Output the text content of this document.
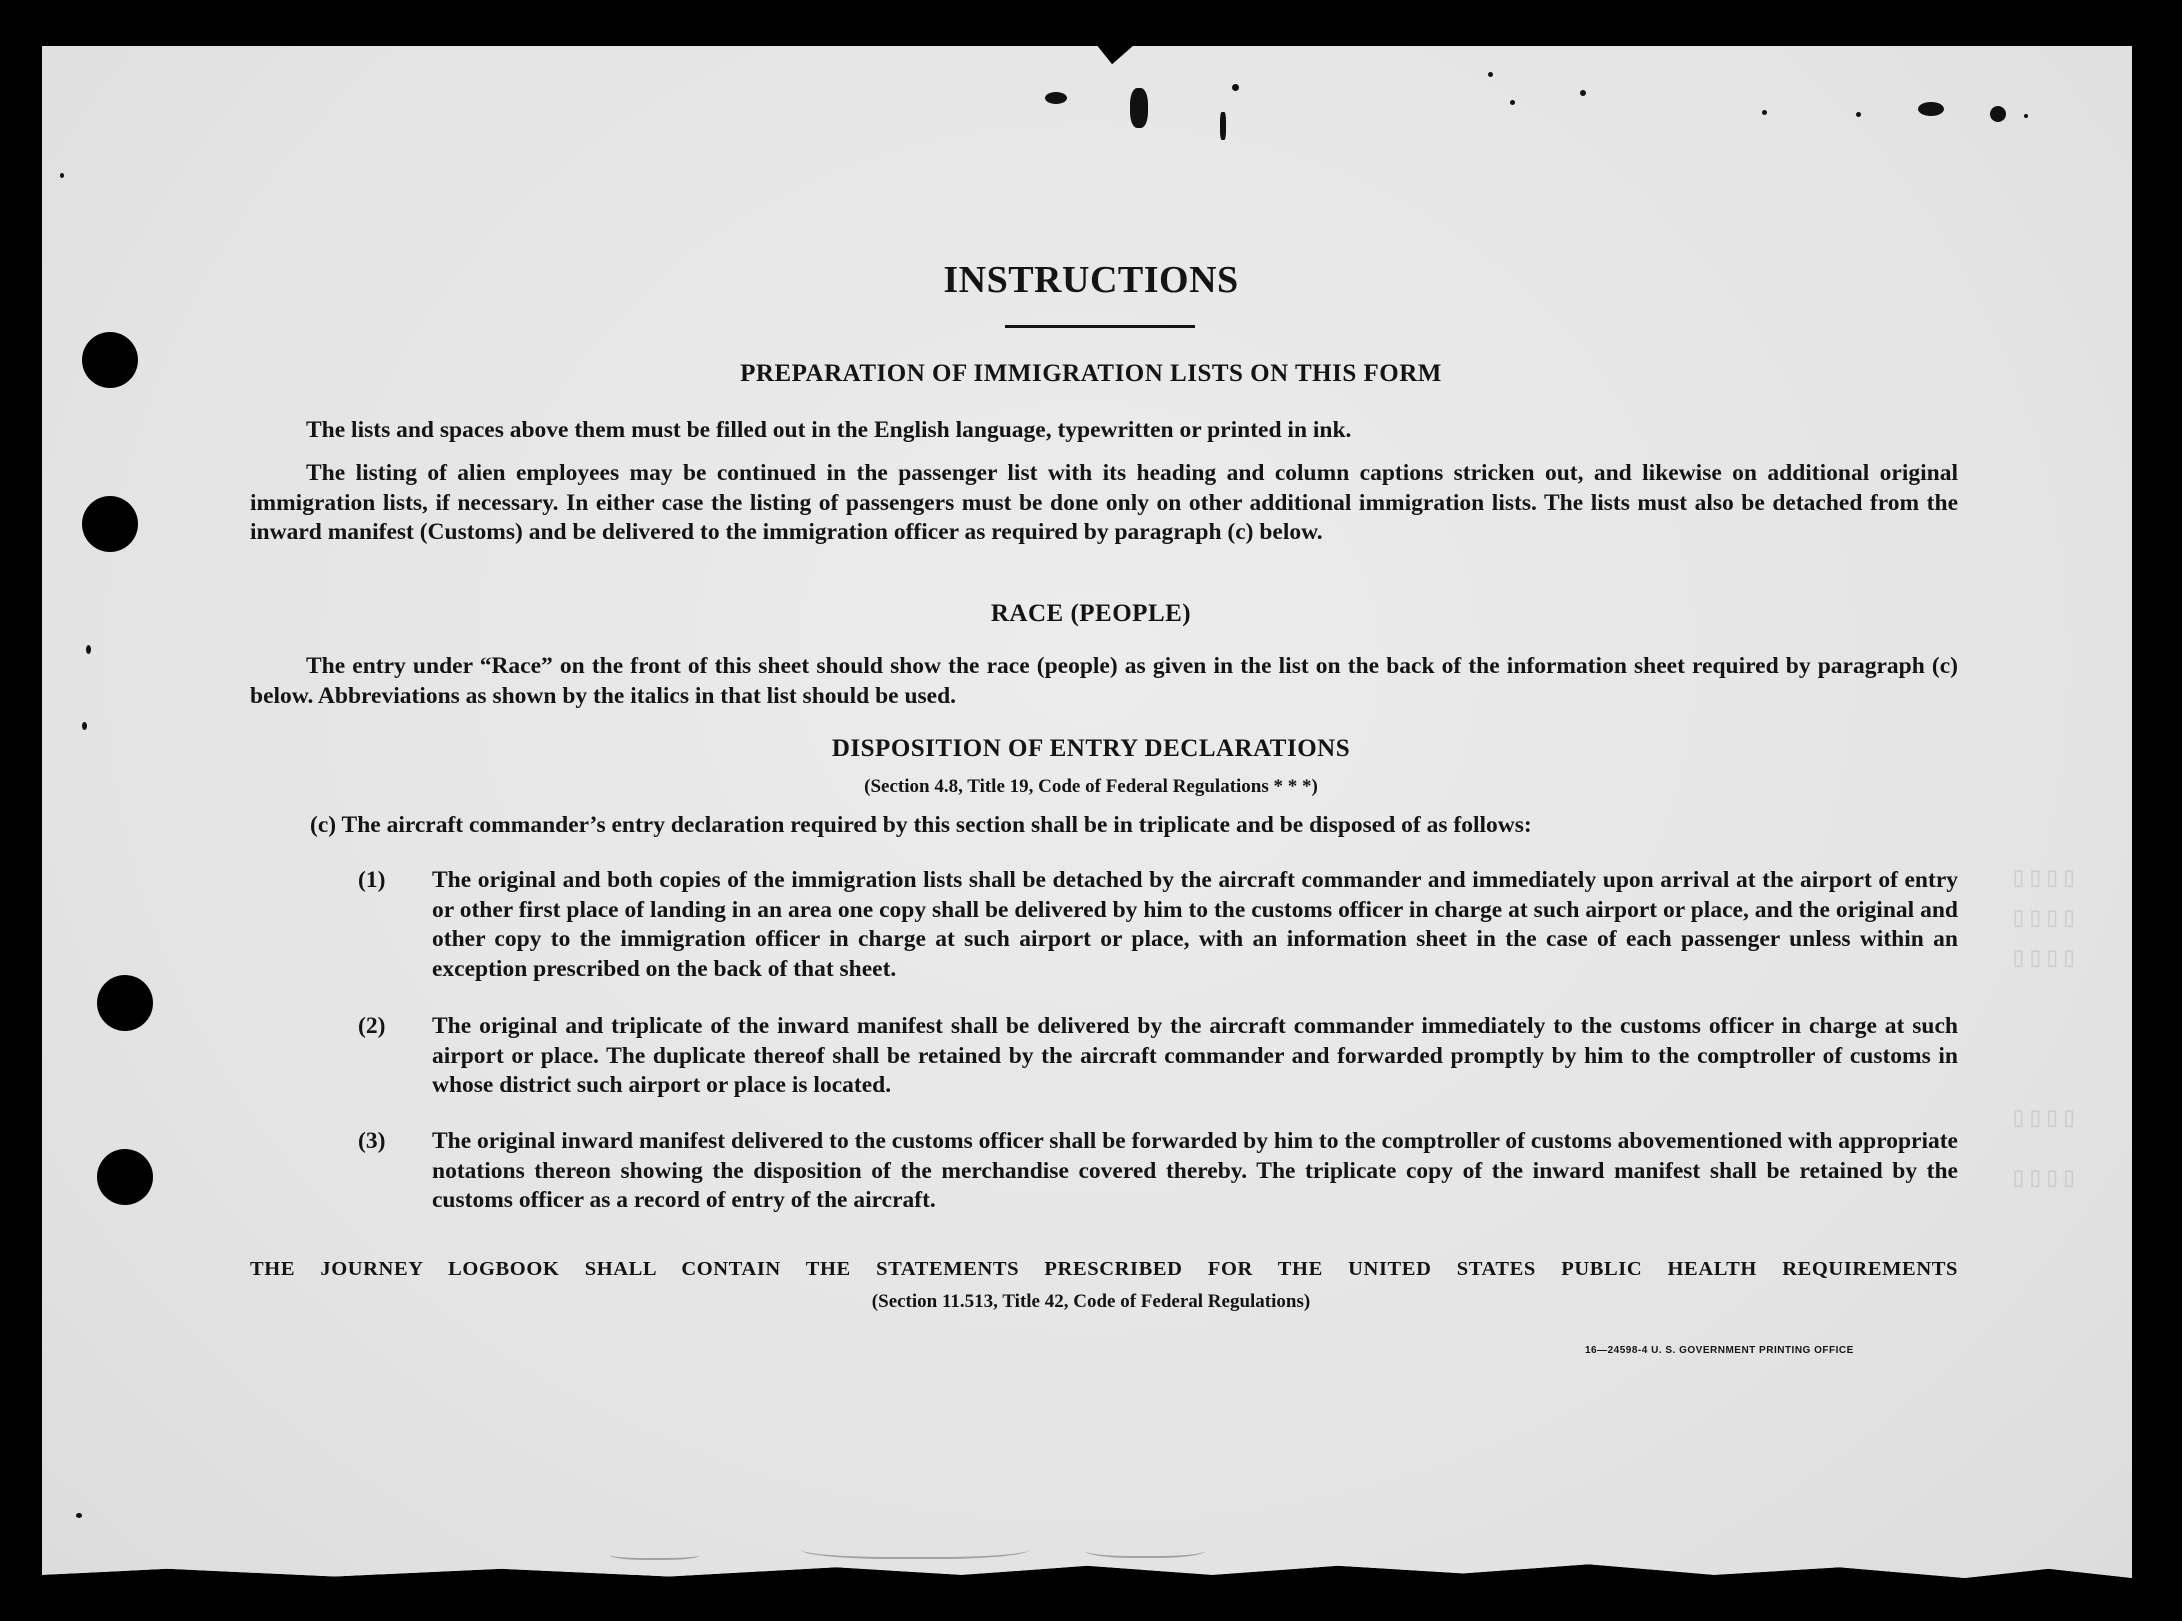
▯▯▯▯
▯▯▯▯
▯▯▯▯
▯▯▯▯
▯▯▯▯
INSTRUCTIONS
PREPARATION OF IMMIGRATION LISTS ON THIS FORM
The lists and spaces above them must be filled out in the English language, typewritten or printed in ink.
The listing of alien employees may be continued in the passenger list with its heading and column captions stricken out, and likewise on additional original immigration lists, if necessary. In either case the listing of passengers must be done only on other additional immigration lists. The lists must also be detached from the inward manifest (Customs) and be delivered to the immigration officer as required by paragraph (c) below.
RACE (PEOPLE)
The entry under “Race” on the front of this sheet should show the race (people) as given in the list on the back of the information sheet required by paragraph (c) below. Abbreviations as shown by the italics in that list should be used.
DISPOSITION OF ENTRY DECLARATIONS
(Section 4.8, Title 19, Code of Federal Regulations * * *)
(c) The aircraft commander’s entry declaration required by this section shall be in triplicate and be disposed of as follows:
(1) The original and both copies of the immigration lists shall be detached by the aircraft commander and immediately upon arrival at the airport of entry or other first place of landing in an area one copy shall be delivered by him to the customs officer in charge at such airport or place, and the original and other copy to the immigration officer in charge at such airport or place, with an information sheet in the case of each passenger unless within an exception prescribed on the back of that sheet.
(2) The original and triplicate of the inward manifest shall be delivered by the aircraft commander immediately to the customs officer in charge at such airport or place. The duplicate thereof shall be retained by the aircraft commander and forwarded promptly by him to the comptroller of customs in whose district such airport or place is located.
(3) The original inward manifest delivered to the customs officer shall be forwarded by him to the comptroller of customs abovementioned with appropriate notations thereon showing the disposition of the merchandise covered thereby. The triplicate copy of the inward manifest shall be retained by the customs officer as a record of entry of the aircraft.
THE JOURNEY LOGBOOK SHALL CONTAIN THE STATEMENTS PRESCRIBED FOR THE UNITED STATES PUBLIC HEALTH REQUIREMENTS
(Section 11.513, Title 42, Code of Federal Regulations)
16—24598-4 U. S. GOVERNMENT PRINTING OFFICE
